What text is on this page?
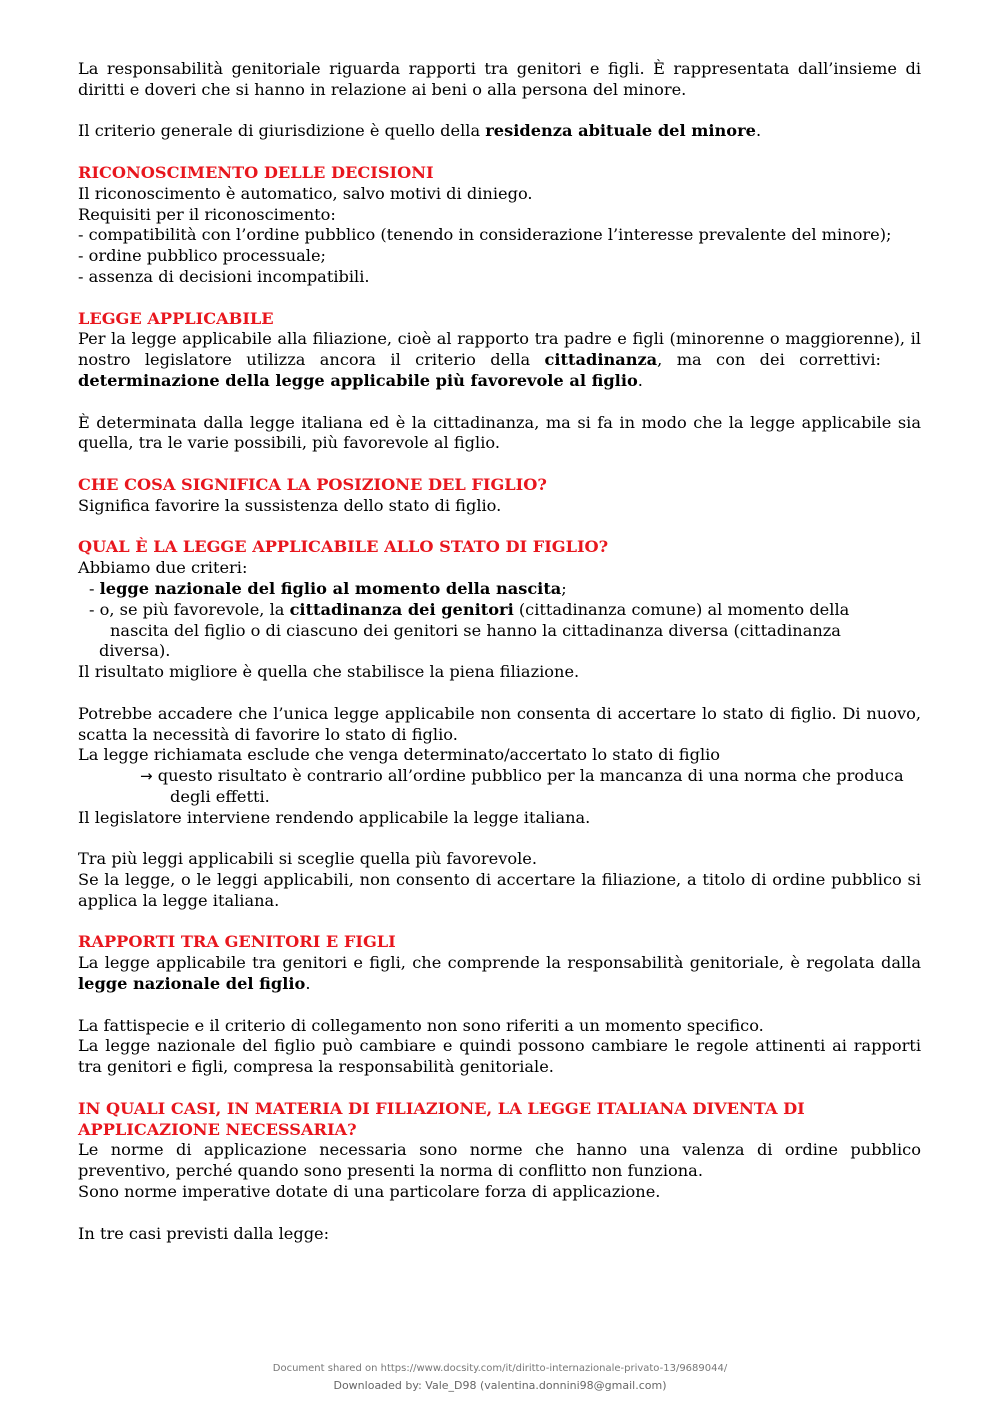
La responsabilità genitoriale riguarda rapporti tra genitori e figli. È rappresentata dall’insieme di diritti e doveri che si hanno in relazione ai beni o alla persona del minore.

Il criterio generale di giurisdizione è quello della residenza abituale del minore.

RICONOSCIMENTO DELLE DECISIONI

Il riconoscimento è automatico, salvo motivi di diniego.

Requisiti per il riconoscimento:

- compatibilità con l’ordine pubblico (tenendo in considerazione l’interesse prevalente del minore);

- ordine pubblico processuale;

- assenza di decisioni incompatibili.

LEGGE APPLICABILE

Per la legge applicabile alla filiazione, cioè al rapporto tra padre e figli (minorenne o maggiorenne), il nostro legislatore utilizza ancora il criterio della cittadinanza, ma con dei correttivi:determinazione della legge applicabile più favorevole al figlio.

È determinata dalla legge italiana ed è la cittadinanza, ma si fa in modo che la legge applicabile sia quella, tra le varie possibili, più favorevole al figlio.

CHE COSA SIGNIFICA LA POSIZIONE DEL FIGLIO?

Significa favorire la sussistenza dello stato di figlio.

QUAL È LA LEGGE APPLICABILE ALLO STATO DI FIGLIO?

Abbiamo due criteri:

- legge nazionale del figlio al momento della nascita;

- o, se più favorevole, la cittadinanza dei genitori (cittadinanza comune) al momento della

nascita del figlio o di ciascuno dei genitori se hanno la cittadinanza diversa (cittadinanza

diversa).

Il risultato migliore è quella che stabilisce la piena filiazione.

Potrebbe accadere che l’unica legge applicabile non consenta di accertare lo stato di figlio. Di nuovo, scatta la necessità di favorire lo stato di figlio.

La legge richiamata esclude che venga determinato/accertato lo stato di figlio

→ questo risultato è contrario all’ordine pubblico per la mancanza di una norma che produca

degli effetti.

Il legislatore interviene rendendo applicabile la legge italiana.

Tra più leggi applicabili si sceglie quella più favorevole.

Se la legge, o le leggi applicabili, non consento di accertare la filiazione, a titolo di ordine pubblico si applica la legge italiana.

RAPPORTI TRA GENITORI E FIGLI

La legge applicabile tra genitori e figli, che comprende la responsabilità genitoriale, è regolata dalla legge nazionale del figlio.

La fattispecie e il criterio di collegamento non sono riferiti a un momento specifico.

La legge nazionale del figlio può cambiare e quindi possono cambiare le regole attinenti ai rapporti tra genitori e figli, compresa la responsabilità genitoriale.

IN QUALI CASI, IN MATERIA DI FILIAZIONE, LA LEGGE ITALIANA DIVENTA DI APPLICAZIONE NECESSARIA?

Le norme di applicazione necessaria sono norme che hanno una valenza di ordine pubblico preventivo, perché quando sono presenti la norma di conflitto non funziona.

Sono norme imperative dotate di una particolare forza di applicazione.

In tre casi previsti dalla legge:

Document shared on https://www.docsity.com/it/diritto-internazionale-privato-13/9689044/
Downloaded by: Vale_D98 (valentina.donnini98@gmail.com)
